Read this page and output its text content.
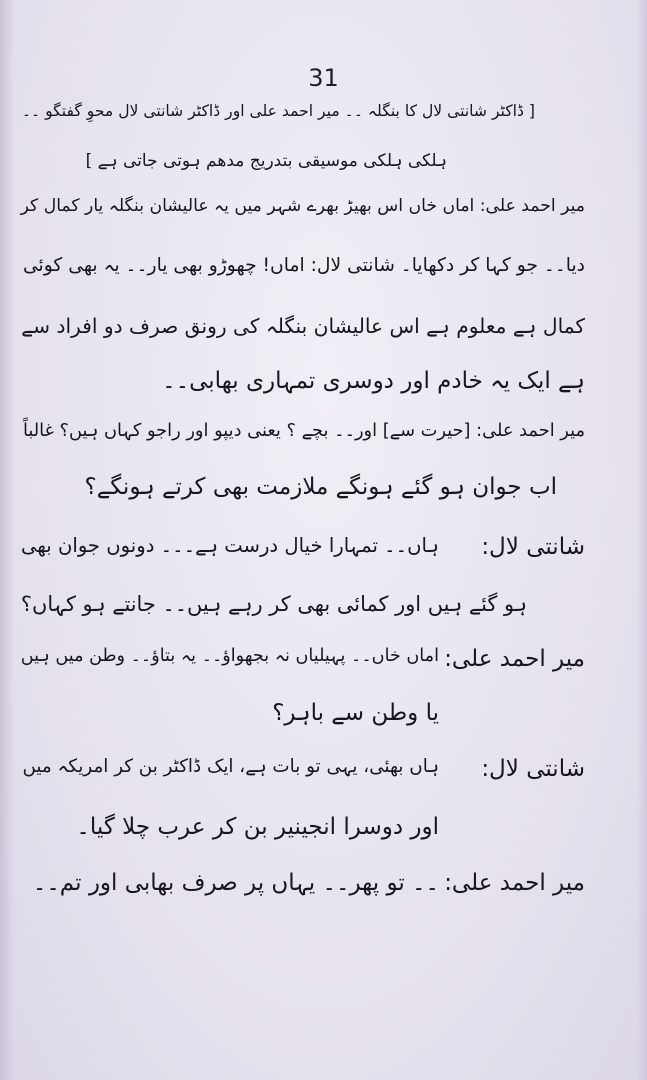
31
[ ڈاکٹر شانتی لال کا بنگلہ ۔۔ میر احمد علی اور ڈاکٹر شانتی لال محوِ گفتگو ۔۔
ہلکی ہلکی موسیقی بتدریج مدھم ہوتی جاتی ہے ]
میر احمد علی: اماں خاں اس بھیڑ بھرے شہر میں یہ عالیشان بنگلہ یار کمال کر
دیا۔۔ جو کہا کر دکھایا۔ شانتی لال: اماں! چھوڑو بھی یار۔۔ یہ بھی کوئی
کمال ہے معلوم ہے اس عالیشان بنگلہ کی رونق صرف دو افراد سے
ہے ایک یہ خادم اور دوسری تمہاری بھابی۔۔
میر احمد علی: [حیرت سے] اور۔۔ بچے ؟ یعنی دیپو اور راجو کہاں ہیں؟ غالباً
اب جوان ہو گئے ہونگے ملازمت بھی کرتے ہونگے؟
شانتی لال:
ہاں۔۔ تمہارا خیال درست ہے۔۔۔ دونوں جوان بھی
ہو گئے ہیں اور کمائی بھی کر رہے ہیں۔۔ جانتے ہو کہاں؟
میر احمد علی:
اماں خاں۔۔ پہیلیاں نہ بجھواؤ۔۔ یہ بتاؤ۔۔ وطن میں ہیں
یا وطن سے باہر؟
شانتی لال:
ہاں بھئی، یہی تو بات ہے، ایک ڈاکٹر بن کر امریکہ میں
اور دوسرا انجینیر بن کر عرب چلا گیا۔
میر احمد علی:
۔۔ تو پھر۔۔ یہاں پر صرف بھابی اور تم۔۔
